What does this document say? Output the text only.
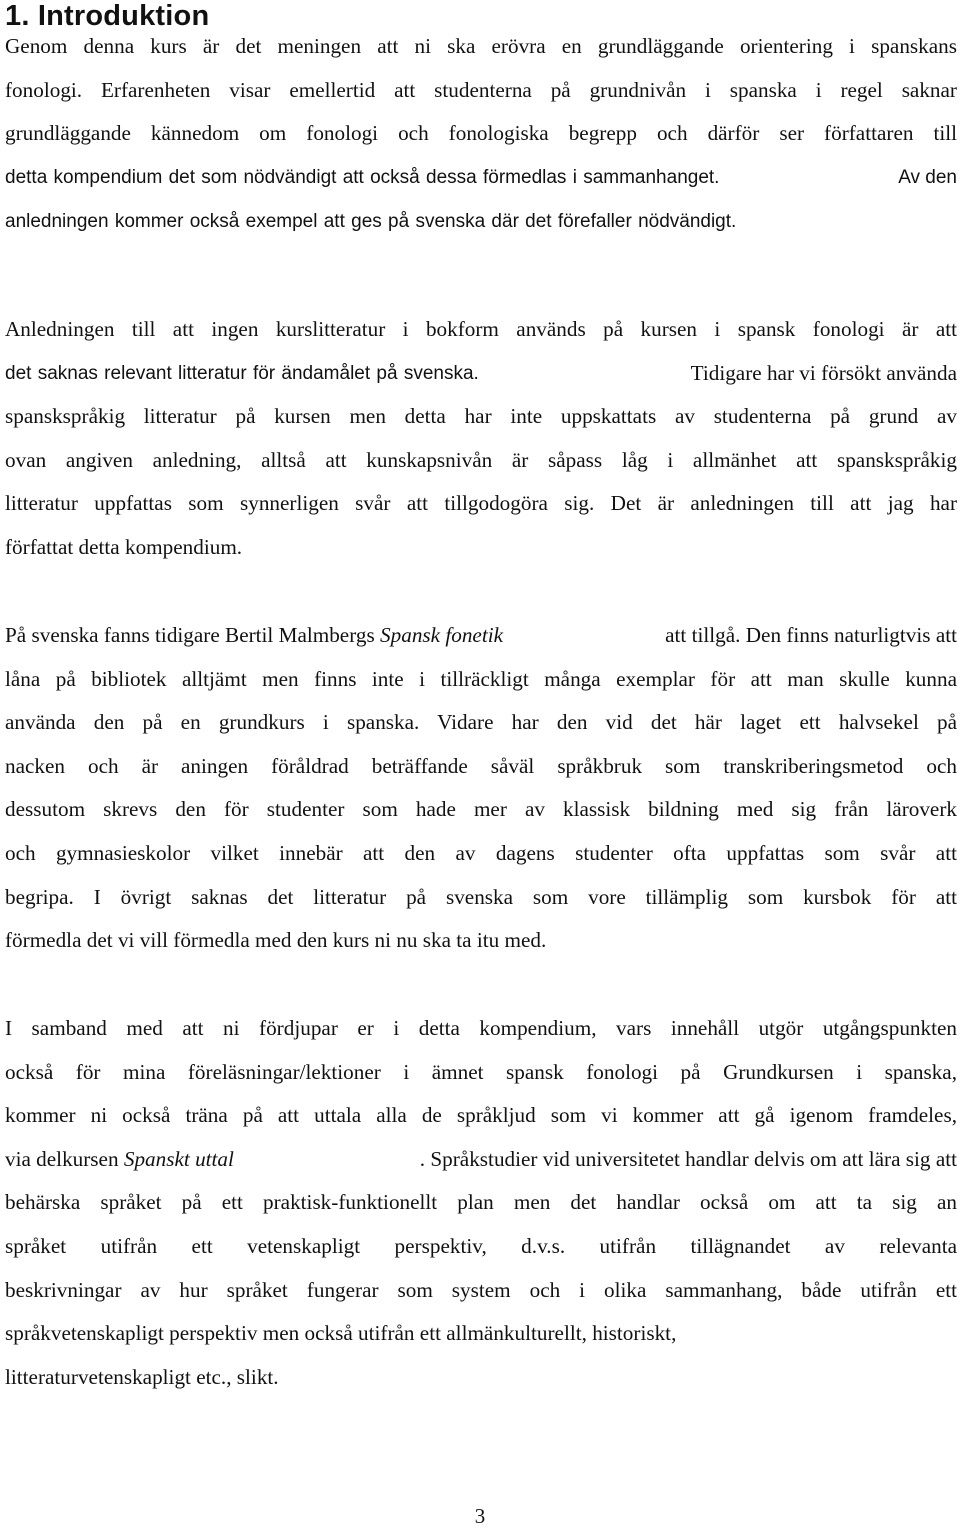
1. Introduktion
Genom denna kurs är det meningen att ni ska erövra en grundläggande orientering i spanskans
fonologi. Erfarenheten visar emellertid att studenterna på grundnivån i spanska i regel saknar
grundläggande kännedom om fonologi och fonologiska begrepp och därför ser författaren till
detta kompendium det som nödvändigt att också dessa förmedlas i sammanhanget.	Av den
anledningen kommer också exempel att ges på svenska där det förefaller nödvändigt.
Anledningen till att ingen kurslitteratur i bokform används på kursen i spansk fonologi är att
det saknas relevant litteratur för ändamålet på svenska.	Tidigare har vi försökt använda
spanskspråkig litteratur på kursen men detta har inte uppskattats av studenterna på grund av
ovan angiven anledning, alltså att kunskapsnivån är såpass låg i allmänhet att spanskspråkig
litteratur uppfattas som synnerligen svår att tillgodogöra sig. Det är anledningen till att jag har
författat detta kompendium.
På svenska fanns tidigare Bertil Malmbergs Spansk fonetik	att tillgå. Den finns naturligtvis att
låna på bibliotek alltjämt men finns inte i tillräckligt många exemplar för att man skulle kunna
använda den på en grundkurs i spanska. Vidare har den vid det här laget ett halvsekel på
nacken och är aningen föråldrad beträffande såväl språkbruk som transkriberingsmetod och
dessutom skrevs den för studenter som hade mer av klassisk bildning med sig från läroverk
och gymnasieskolor vilket innebär att den av dagens studenter ofta uppfattas som svår att
begripa. I övrigt saknas det litteratur på svenska som vore tillämplig som kursbok för att
förmedla det vi vill förmedla med den kurs ni nu ska ta itu med.
I samband med att ni fördjupar er i detta kompendium, vars innehåll utgör utgångspunkten
också för mina föreläsningar/lektioner i ämnet spansk fonologi på Grundkursen i spanska,
kommer ni också träna på att uttala alla de språkljud som vi kommer att gå igenom framdeles,
via delkursen Spanskt uttal	. Språkstudier vid universitetet handlar delvis om att lära sig att
behärska språket på ett praktisk-funktionellt plan men det handlar också om att ta sig an
språket utifrån ett vetenskapligt perspektiv, d.v.s. utifrån tillägnandet av relevanta
beskrivningar av hur språket fungerar som system och i olika sammanhang, både utifrån ett
språkvetenskapligt perspektiv men också utifrån ett allmänkulturellt, historiskt,
litteraturvetenskapligt etc., slikt.
3
